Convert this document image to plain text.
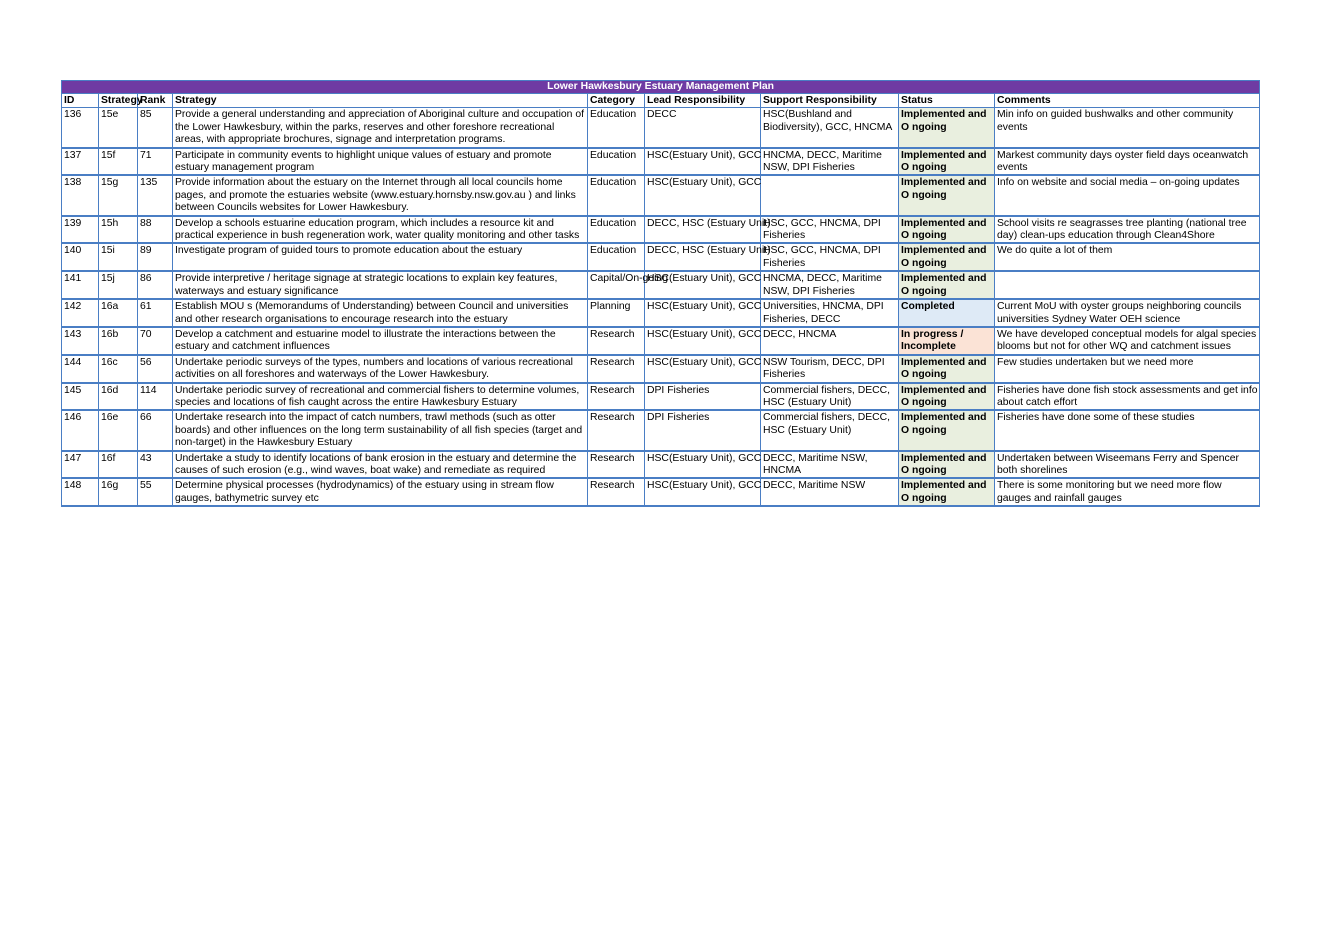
Lower Hawkesbury Estuary Management Plan								
ID	Strategy	Rank	Strategy	Category	Lead Responsibility	Support Responsibility	Status	Comments
136	15e	85	Provide a general understanding and appreciation of Aboriginal culture and occupation of the Lower Hawkesbury, within the parks, reserves and other foreshore recreational areas, with appropriate brochures, signage and interpretation programs.	Education	DECC	HSC(Bushland and Biodiversity), GCC, HNCMA	Implemented and O ngoing	Min info on guided bushwalks and other community events
137	15f	71	Participate in community events to highlight unique values of estuary and promote estuary management program	Education	HSC(Estuary Unit), GCC	HNCMA, DECC, Maritime NSW, DPI Fisheries	Implemented and O ngoing	Markest community days oyster field days oceanwatch events
138	15g	135	Provide information about the estuary on the Internet through all local councils home pages, and promote the estuaries website (www.estuary.hornsby.nsw.gov.au ) and links between Councils websites for Lower Hawkesbury.	Education	HSC(Estuary Unit), GCC		Implemented and O ngoing	Info on website and social media – on-going updates
139	15h	88	Develop a schools estuarine education program, which includes a resource kit and practical experience in bush regeneration work, water quality monitoring and other tasks	Education	DECC, HSC (Estuary Unit)	HSC, GCC, HNCMA, DPI Fisheries	Implemented and O ngoing	School visits re seagrasses tree planting (national tree day) clean-ups education through Clean4Shore
140	15i	89	Investigate program of guided tours to promote education about the estuary	Education	DECC, HSC (Estuary Unit)	HSC, GCC, HNCMA, DPI Fisheries	Implemented and O ngoing	We do quite a lot of them
141	15j	86	Provide interpretive / heritage signage at strategic locations to explain key features, waterways and estuary significance	Capital/On-going	HSC(Estuary Unit), GCC	HNCMA, DECC, Maritime NSW, DPI Fisheries	Implemented and O ngoing	
142	16a	61	Establish MOU s (Memorandums of Understanding) between Council and universities and other research organisations to encourage research into the estuary	Planning	HSC(Estuary Unit), GCC	Universities, HNCMA, DPI Fisheries, DECC	Completed	Current MoU with oyster groups neighboring councils universities Sydney Water OEH science
143	16b	70	Develop a catchment and estuarine model to illustrate the interactions between the estuary and catchment influences	Research	HSC(Estuary Unit), GCC	DECC, HNCMA	In progress / Incomplete	We have developed conceptual models for algal species blooms but not for other WQ and catchment issues
144	16c	56	Undertake periodic surveys of the types, numbers and locations of various recreational activities on all foreshores and waterways of the Lower Hawkesbury.	Research	HSC(Estuary Unit), GCC	NSW Tourism, DECC, DPI Fisheries	Implemented and O ngoing	Few studies undertaken but we need more
145	16d	114	Undertake periodic survey of recreational and commercial fishers to determine volumes, species and locations of fish caught across the entire Hawkesbury Estuary	Research	DPI Fisheries	Commercial fishers, DECC, HSC (Estuary Unit)	Implemented and O ngoing	Fisheries have done fish stock assessments and get info about catch effort
146	16e	66	Undertake research into the impact of catch numbers, trawl methods (such as otter boards) and other influences on the long term sustainability of all fish species (target and non-target) in the Hawkesbury Estuary	Research	DPI Fisheries	Commercial fishers, DECC, HSC (Estuary Unit)	Implemented and O ngoing	Fisheries have done some of these studies
147	16f	43	Undertake a study to identify locations of bank erosion in the estuary and determine the causes of such erosion (e.g., wind waves, boat wake) and remediate as required	Research	HSC(Estuary Unit), GCC	DECC, Maritime NSW, HNCMA	Implemented and O ngoing	Undertaken between Wiseemans Ferry and Spencer both shorelines
148	16g	55	Determine physical processes (hydrodynamics) of the estuary using in stream flow gauges, bathymetric survey etc	Research	HSC(Estuary Unit), GCC	DECC, Maritime NSW	Implemented and O ngoing	There is some monitoring but we need more flow gauges and rainfall gauges
